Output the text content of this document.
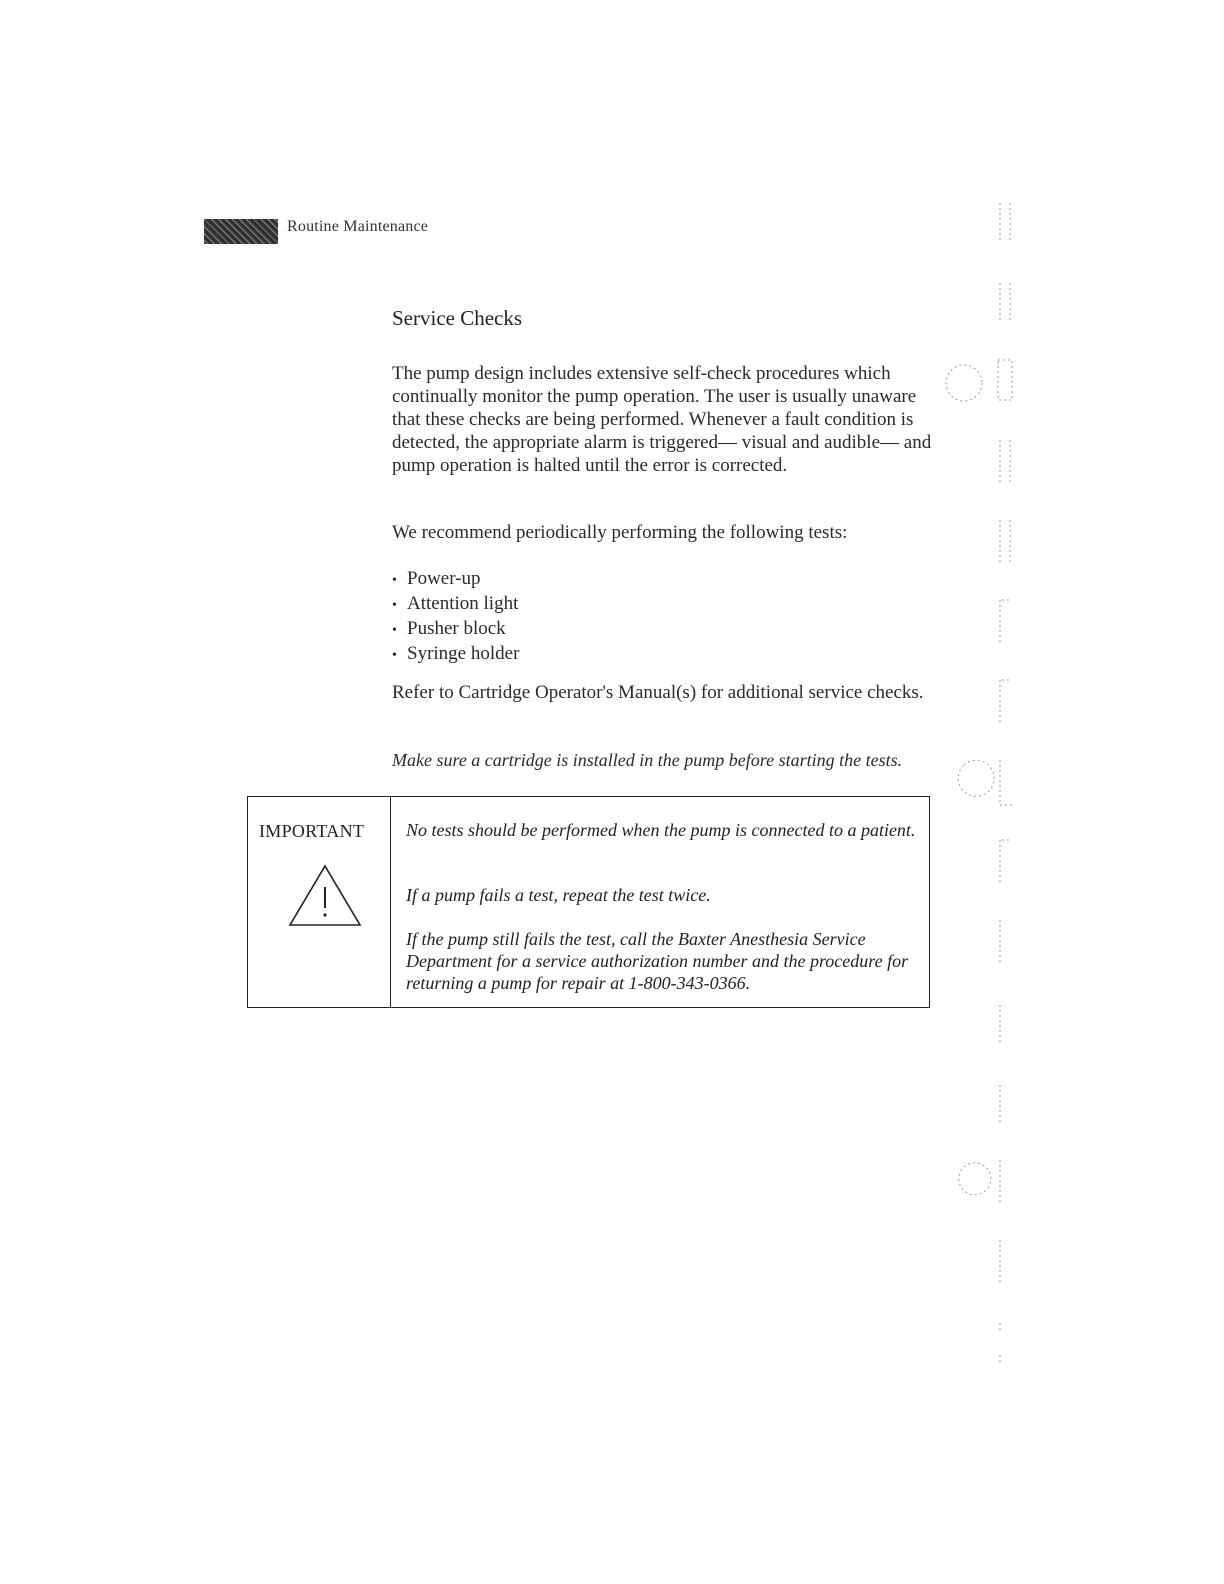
Routine Maintenance
Service Checks

The pump design includes extensive self-check procedures which continually monitor the pump operation. The user is usually unaware that these checks are being performed. Whenever a fault condition is detected, the appropriate alarm is triggered— visual and audible— and pump operation is halted until the error is corrected.

We recommend periodically performing the following tests:

• Power-up
• Attention light
• Pusher block
• Syringe holder

Refer to Cartridge Operator's Manual(s) for additional service checks.

Make sure a cartridge is installed in the pump before starting the tests.

IMPORTANT No tests should be performed when the pump is connected to a patient.

If a pump fails a test, repeat the test twice.

If the pump still fails the test, call the Baxter Anesthesia Service Department for a service authorization number and the procedure for returning a pump for repair at 1-800-343-0366.
